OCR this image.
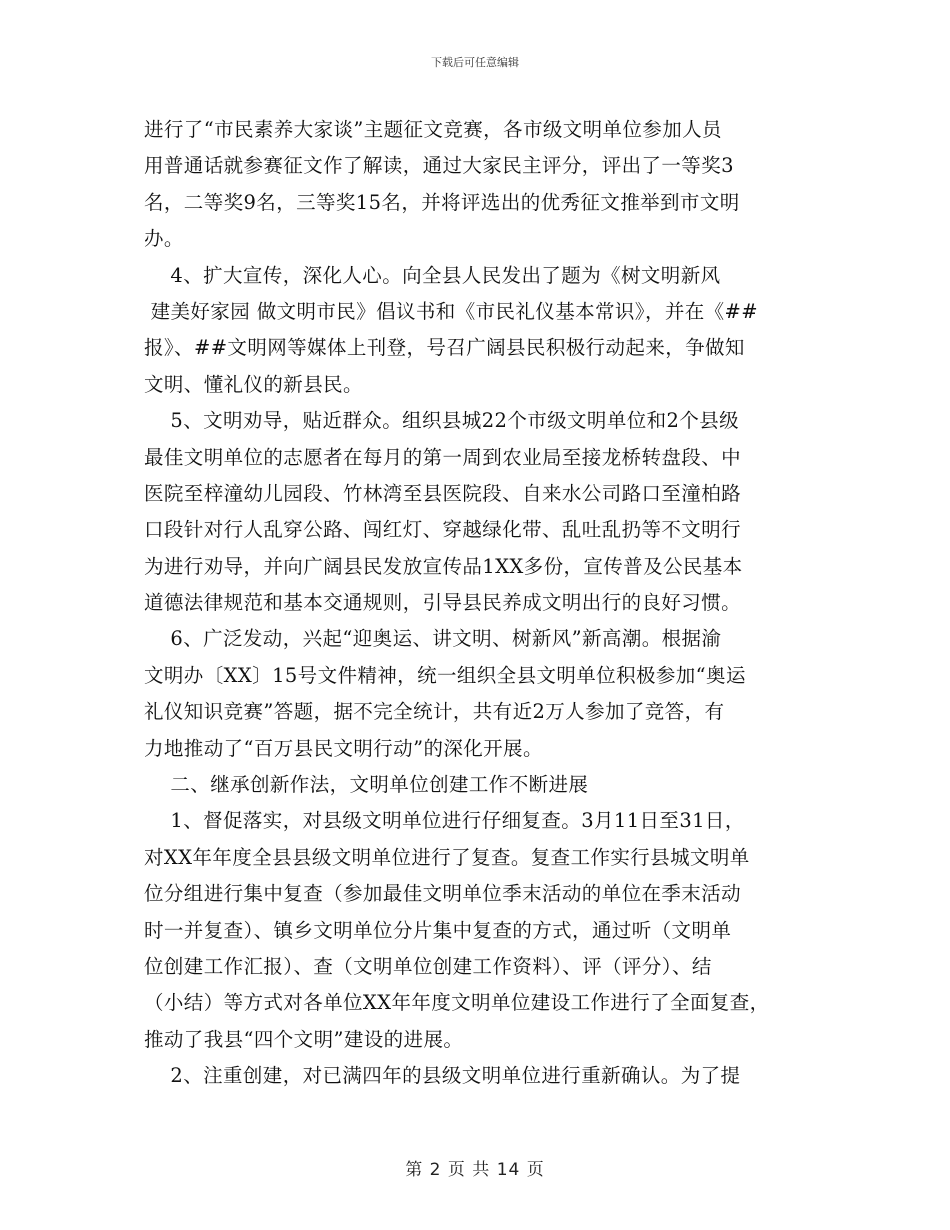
下载后可任意编辑
进行了“市民素养大家谈”主题征文竞赛，各市级文明单位参加人员
用普通话就参赛征文作了解读，通过大家民主评分，评出了一等奖3
名，二等奖9名，三等奖15名，并将评选出的优秀征文推举到市文明
办。
4、扩大宣传，深化人心。向全县人民发出了题为《树文明新风
建美好家园 做文明市民》倡议书和《市民礼仪基本常识》，并在《##
报》、##文明网等媒体上刊登，号召广阔县民积极行动起来，争做知
文明、懂礼仪的新县民。
5、文明劝导，贴近群众。组织县城22个市级文明单位和2个县级
最佳文明单位的志愿者在每月的第一周到农业局至接龙桥转盘段、中
医院至梓潼幼儿园段、竹林湾至县医院段、自来水公司路口至潼柏路
口段针对行人乱穿公路、闯红灯、穿越绿化带、乱吐乱扔等不文明行
为进行劝导，并向广阔县民发放宣传品1XX多份，宣传普及公民基本
道德法律规范和基本交通规则，引导县民养成文明出行的良好习惯。
6、广泛发动，兴起“迎奥运、讲文明、树新风”新高潮。根据渝
文明办〔XX〕15号文件精神，统一组织全县文明单位积极参加“奥运
礼仪知识竞赛”答题，据不完全统计，共有近2万人参加了竞答，有
力地推动了“百万县民文明行动”的深化开展。
二、继承创新作法，文明单位创建工作不断进展
1、督促落实，对县级文明单位进行仔细复查。3月11日至31日，
对XX年年度全县县级文明单位进行了复查。复查工作实行县城文明单
位分组进行集中复查（参加最佳文明单位季末活动的单位在季末活动
时一并复查）、镇乡文明单位分片集中复查的方式，通过听（文明单
位创建工作汇报）、查（文明单位创建工作资料）、评（评分）、结
（小结）等方式对各单位XX年年度文明单位建设工作进行了全面复查，
推动了我县“四个文明”建设的进展。
2、注重创建，对已满四年的县级文明单位进行重新确认。为了提
第 2 页 共 14 页
